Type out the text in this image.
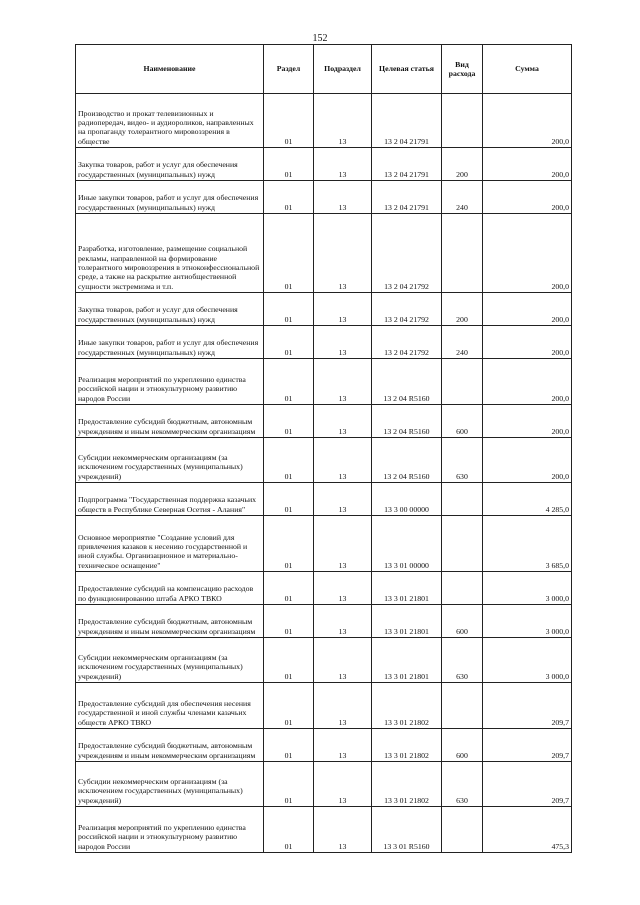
152
Наименование	Раздел	Подраздел	Целевая статья	Вид расхода	Сумма
Производство и прокат телевизионных и радиопередач, видео- и аудиороликов, направленных на пропаганду толерантного мировоззрения в обществе	01	13	13 2 04 21791		200,0
Закупка товаров, работ и услуг для обеспечения государственных (муниципальных) нужд	01	13	13 2 04 21791	200	200,0
Иные закупки товаров, работ и услуг для обеспечения государственных (муниципальных) нужд	01	13	13 2 04 21791	240	200,0
Разработка, изготовление, размещение социальной рекламы, направленной на формирование толерантного мировоззрения в этноконфессиональной среде, а также на раскрытие антиобщественной сущности экстремизма и т.п.	01	13	13 2 04 21792		200,0
Закупка товаров, работ и услуг для обеспечения государственных (муниципальных) нужд	01	13	13 2 04 21792	200	200,0
Иные закупки товаров, работ и услуг для обеспечения государственных (муниципальных) нужд	01	13	13 2 04 21792	240	200,0
Реализация мероприятий по укреплению единства российской нации и этнокультурному развитию народов России	01	13	13 2 04 R5160		200,0
Предоставление субсидий бюджетным, автономным учреждениям и иным некоммерческим организациям	01	13	13 2 04 R5160	600	200,0
Субсидии некоммерческим организациям (за исключением государственных (муниципальных) учреждений)	01	13	13 2 04 R5160	630	200,0
Подпрограмма "Государственная поддержка казачьих обществ в Республике Северная Осетия - Алания"	01	13	13 3 00 00000		4 285,0
Основное мероприятие "Создание условий для привлечения казаков к несению государственной и иной службы. Организационное и материально-техническое оснащение"	01	13	13 3 01 00000		3 685,0
Предоставление субсидий на компенсацию расходов по функционированию штаба АРКО ТВКО	01	13	13 3 01 21801		3 000,0
Предоставление субсидий бюджетным, автономным учреждениям и иным некоммерческим организациям	01	13	13 3 01 21801	600	3 000,0
Субсидии некоммерческим организациям (за исключением государственных (муниципальных) учреждений)	01	13	13 3 01 21801	630	3 000,0
Предоставление субсидий для обеспечения несения государственной и иной службы членами казачьих обществ АРКО ТВКО	01	13	13 3 01 21802		209,7
Предоставление субсидий бюджетным, автономным учреждениям и иным некоммерческим организациям	01	13	13 3 01 21802	600	209,7
Субсидии некоммерческим организациям (за исключением государственных (муниципальных) учреждений)	01	13	13 3 01 21802	630	209,7
Реализация мероприятий по укреплению единства российской нации и этнокультурному развитию народов России	01	13	13 3 01 R5160		475,3
